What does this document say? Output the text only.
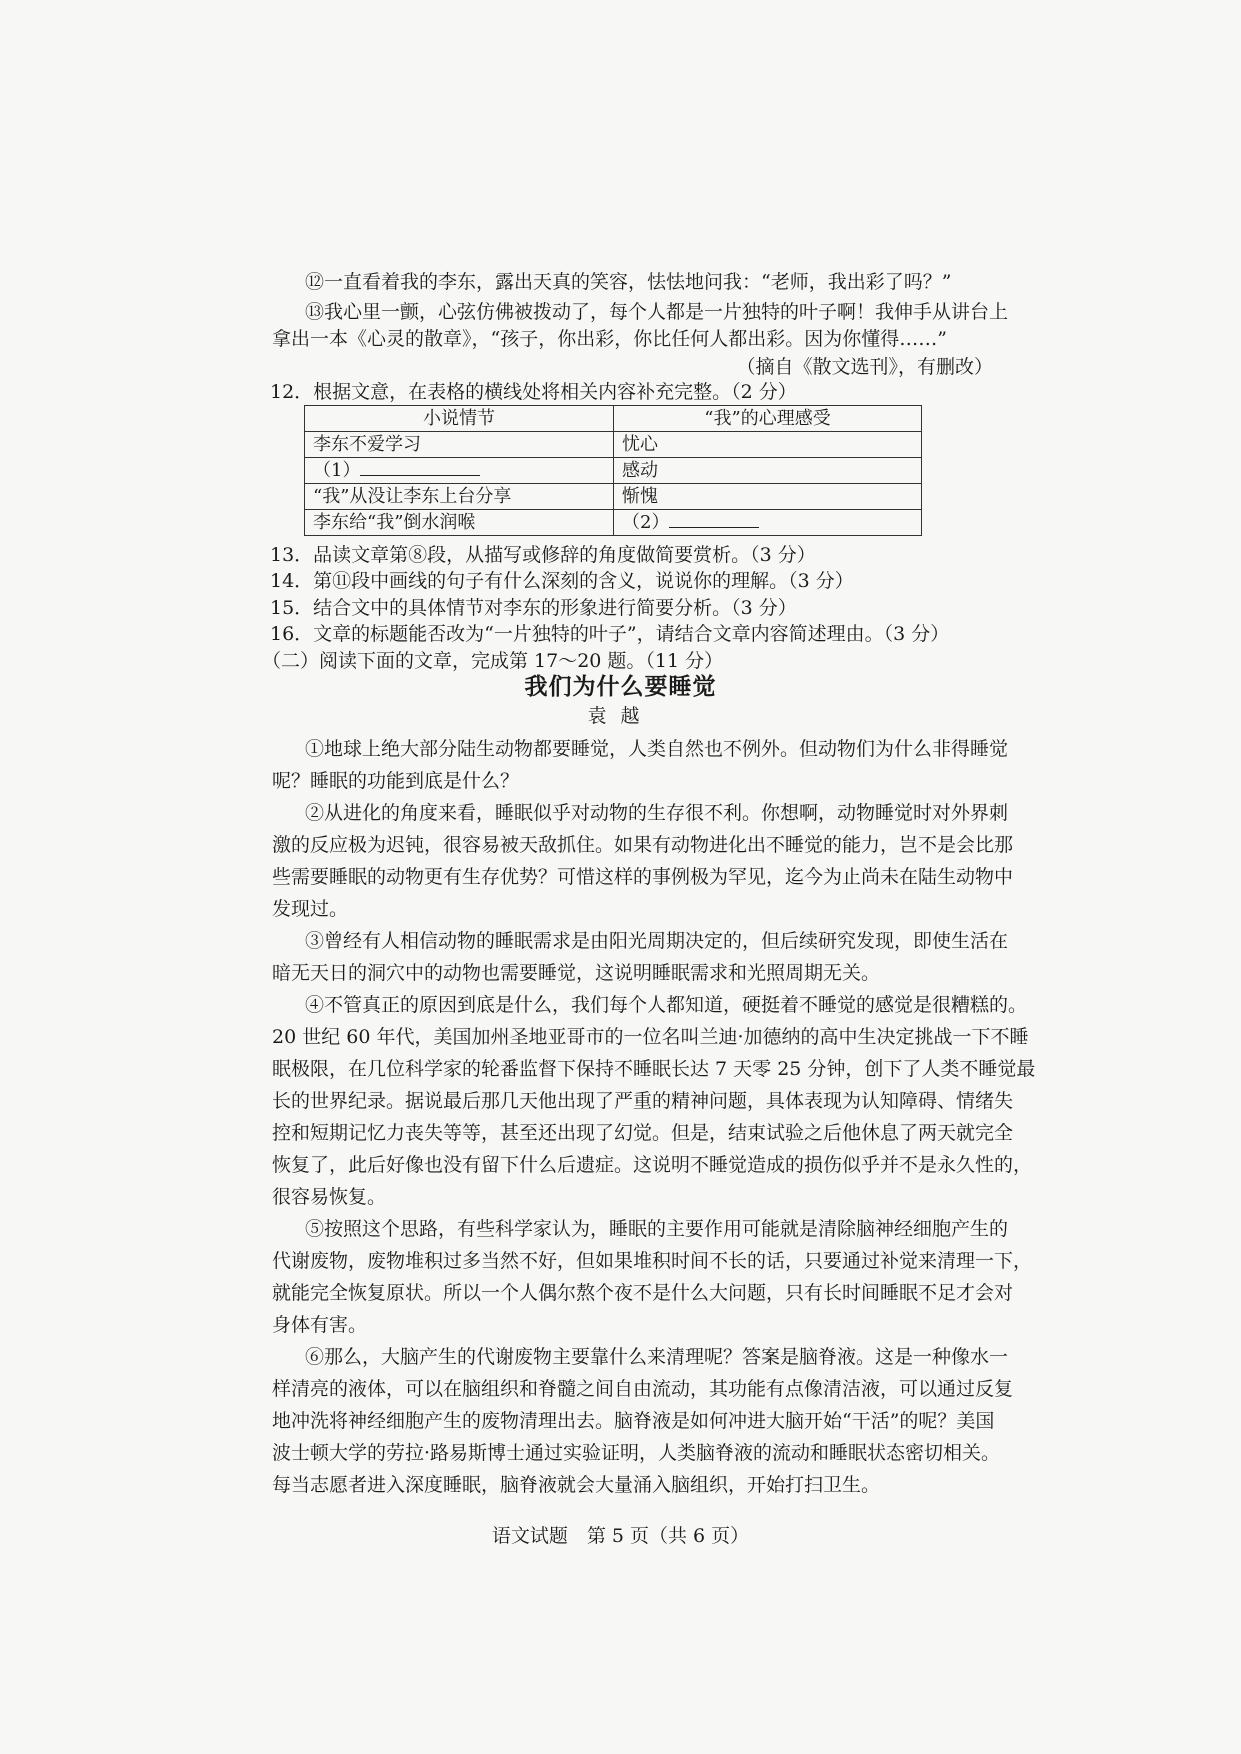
⑫一直看着我的李东，露出天真的笑容，怯怯地问我：“老师，我出彩了吗？”
⑬我心里一颤，心弦仿佛被拨动了，每个人都是一片独特的叶子啊！我伸手从讲台上
拿出一本《心灵的散章》，“孩子，你出彩，你比任何人都出彩。因为你懂得……”
（摘自《散文选刊》，有删改）
12．根据文意，在表格的横线处将相关内容补充完整。（2 分）
小说情节	“我”的心理感受
李东不爱学习	忧心
（1）	感动
“我”从没让李东上台分享	惭愧
李东给“我”倒水润喉	（2）
13．品读文章第⑧段，从描写或修辞的角度做简要赏析。（3 分）
14．第⑪段中画线的句子有什么深刻的含义，说说你的理解。（3 分）
15．结合文中的具体情节对李东的形象进行简要分析。（3 分）
16．文章的标题能否改为“一片独特的叶子”，请结合文章内容简述理由。（3 分）
（二）阅读下面的文章，完成第 17～20 题。（11 分）
我们为什么要睡觉
袁越
①地球上绝大部分陆生动物都要睡觉，人类自然也不例外。但动物们为什么非得睡觉
呢？睡眠的功能到底是什么？
②从进化的角度来看，睡眠似乎对动物的生存很不利。你想啊，动物睡觉时对外界刺
激的反应极为迟钝，很容易被天敌抓住。如果有动物进化出不睡觉的能力，岂不是会比那
些需要睡眠的动物更有生存优势？可惜这样的事例极为罕见，迄今为止尚未在陆生动物中
发现过。
③曾经有人相信动物的睡眠需求是由阳光周期决定的，但后续研究发现，即使生活在
暗无天日的洞穴中的动物也需要睡觉，这说明睡眠需求和光照周期无关。
④不管真正的原因到底是什么，我们每个人都知道，硬挺着不睡觉的感觉是很糟糕的。
20 世纪 60 年代，美国加州圣地亚哥市的一位名叫兰迪·加德纳的高中生决定挑战一下不睡
眠极限，在几位科学家的轮番监督下保持不睡眠长达 7 天零 25 分钟，创下了人类不睡觉最
长的世界纪录。据说最后那几天他出现了严重的精神问题，具体表现为认知障碍、情绪失
控和短期记忆力丧失等等，甚至还出现了幻觉。但是，结束试验之后他休息了两天就完全
恢复了，此后好像也没有留下什么后遗症。这说明不睡觉造成的损伤似乎并不是永久性的，
很容易恢复。
⑤按照这个思路，有些科学家认为，睡眠的主要作用可能就是清除脑神经细胞产生的
代谢废物，废物堆积过多当然不好，但如果堆积时间不长的话，只要通过补觉来清理一下，
就能完全恢复原状。所以一个人偶尔熬个夜不是什么大问题，只有长时间睡眠不足才会对
身体有害。
⑥那么，大脑产生的代谢废物主要靠什么来清理呢？答案是脑脊液。这是一种像水一
样清亮的液体，可以在脑组织和脊髓之间自由流动，其功能有点像清洁液，可以通过反复
地冲洗将神经细胞产生的废物清理出去。脑脊液是如何冲进大脑开始“干活”的呢？美国
波士顿大学的劳拉·路易斯博士通过实验证明，人类脑脊液的流动和睡眠状态密切相关。
每当志愿者进入深度睡眠，脑脊液就会大量涌入脑组织，开始打扫卫生。
语文试题　第 5 页（共 6 页）
